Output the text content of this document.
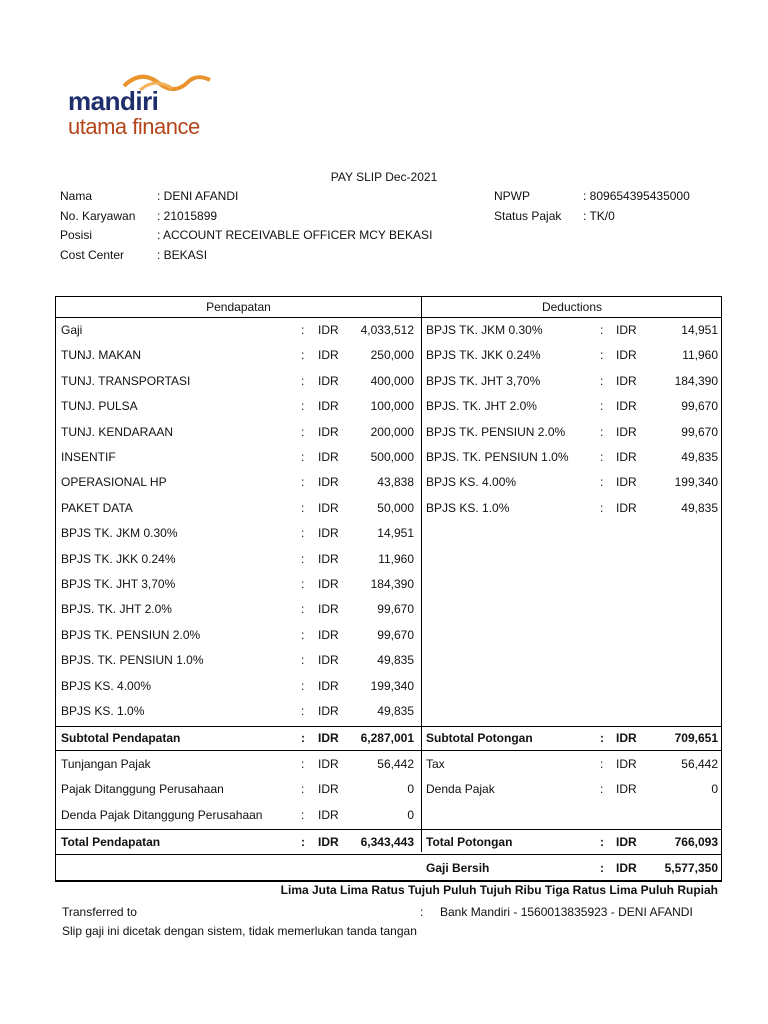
mandiri
utama finance
PAY SLIP Dec-2021
Nama	: DENI AFANDI
No. Karyawan : 21015899
Posisi	: ACCOUNT RECEIVABLE OFFICER MCY BEKASI
Cost Center	: BEKASI
NPWP	: 809654395435000
Status Pajak : TK/0
Pendapatan
Gaji	: IDR 4,033,512
TUNJ. MAKAN	: IDR	250,000
TUNJ. TRANSPORTASI	: IDR	400,000
TUNJ. PULSA	: IDR	100,000
TUNJ. KENDARAAN	: IDR	200,000
INSENTIF	: IDR	500,000
OPERASIONAL HP	: IDR	43,838
PAKET DATA	: IDR	50,000
BPJS TK. JKM 0.30%	: IDR	14,951
BPJS TK. JKK 0.24%	: IDR	11,960
BPJS TK. JHT 3,70%	: IDR	184,390
BPJS. TK. JHT 2.0%	: IDR	99,670
BPJS TK. PENSIUN 2.0%	: IDR	99,670
BPJS. TK. PENSIUN 1.0%	: IDR	49,835
BPJS KS. 4.00%	: IDR	199,340
BPJS KS. 1.0%	: IDR	49,835
Subtotal Pendapatan	: IDR 6,287,001
Tunjangan Pajak	: IDR	56,442
Pajak Ditanggung Perusahaan	: IDR	0
Denda Pajak Ditanggung Perusahaan	: IDR	0
Total Pendapatan	: IDR 6,343,443
Deductions
BPJS TK. JKM 0.30%	: IDR	14,951
BPJS TK. JKK 0.24%	: IDR	11,960
BPJS TK. JHT 3,70%	: IDR	184,390
BPJS. TK. JHT 2.0%	: IDR	99,670
BPJS TK. PENSIUN 2.0%	: IDR	99,670
BPJS. TK. PENSIUN 1.0%	: IDR	49,835
BPJS KS. 4.00%	: IDR	199,340
BPJS KS. 1.0%	: IDR	49,835
Subtotal Potongan	: IDR	709,651
Tax	: IDR	56,442
Denda Pajak	: IDR	0
Total Potongan	: IDR	766,093
Gaji Bersih	: IDR 5,577,350
Lima Juta Lima Ratus Tujuh Puluh Tujuh Ribu Tiga Ratus Lima Puluh Rupiah
Transferred to	:     Bank Mandiri - 1560013835923 - DENI AFANDI
Slip gaji ini dicetak dengan sistem, tidak memerlukan tanda tangan
